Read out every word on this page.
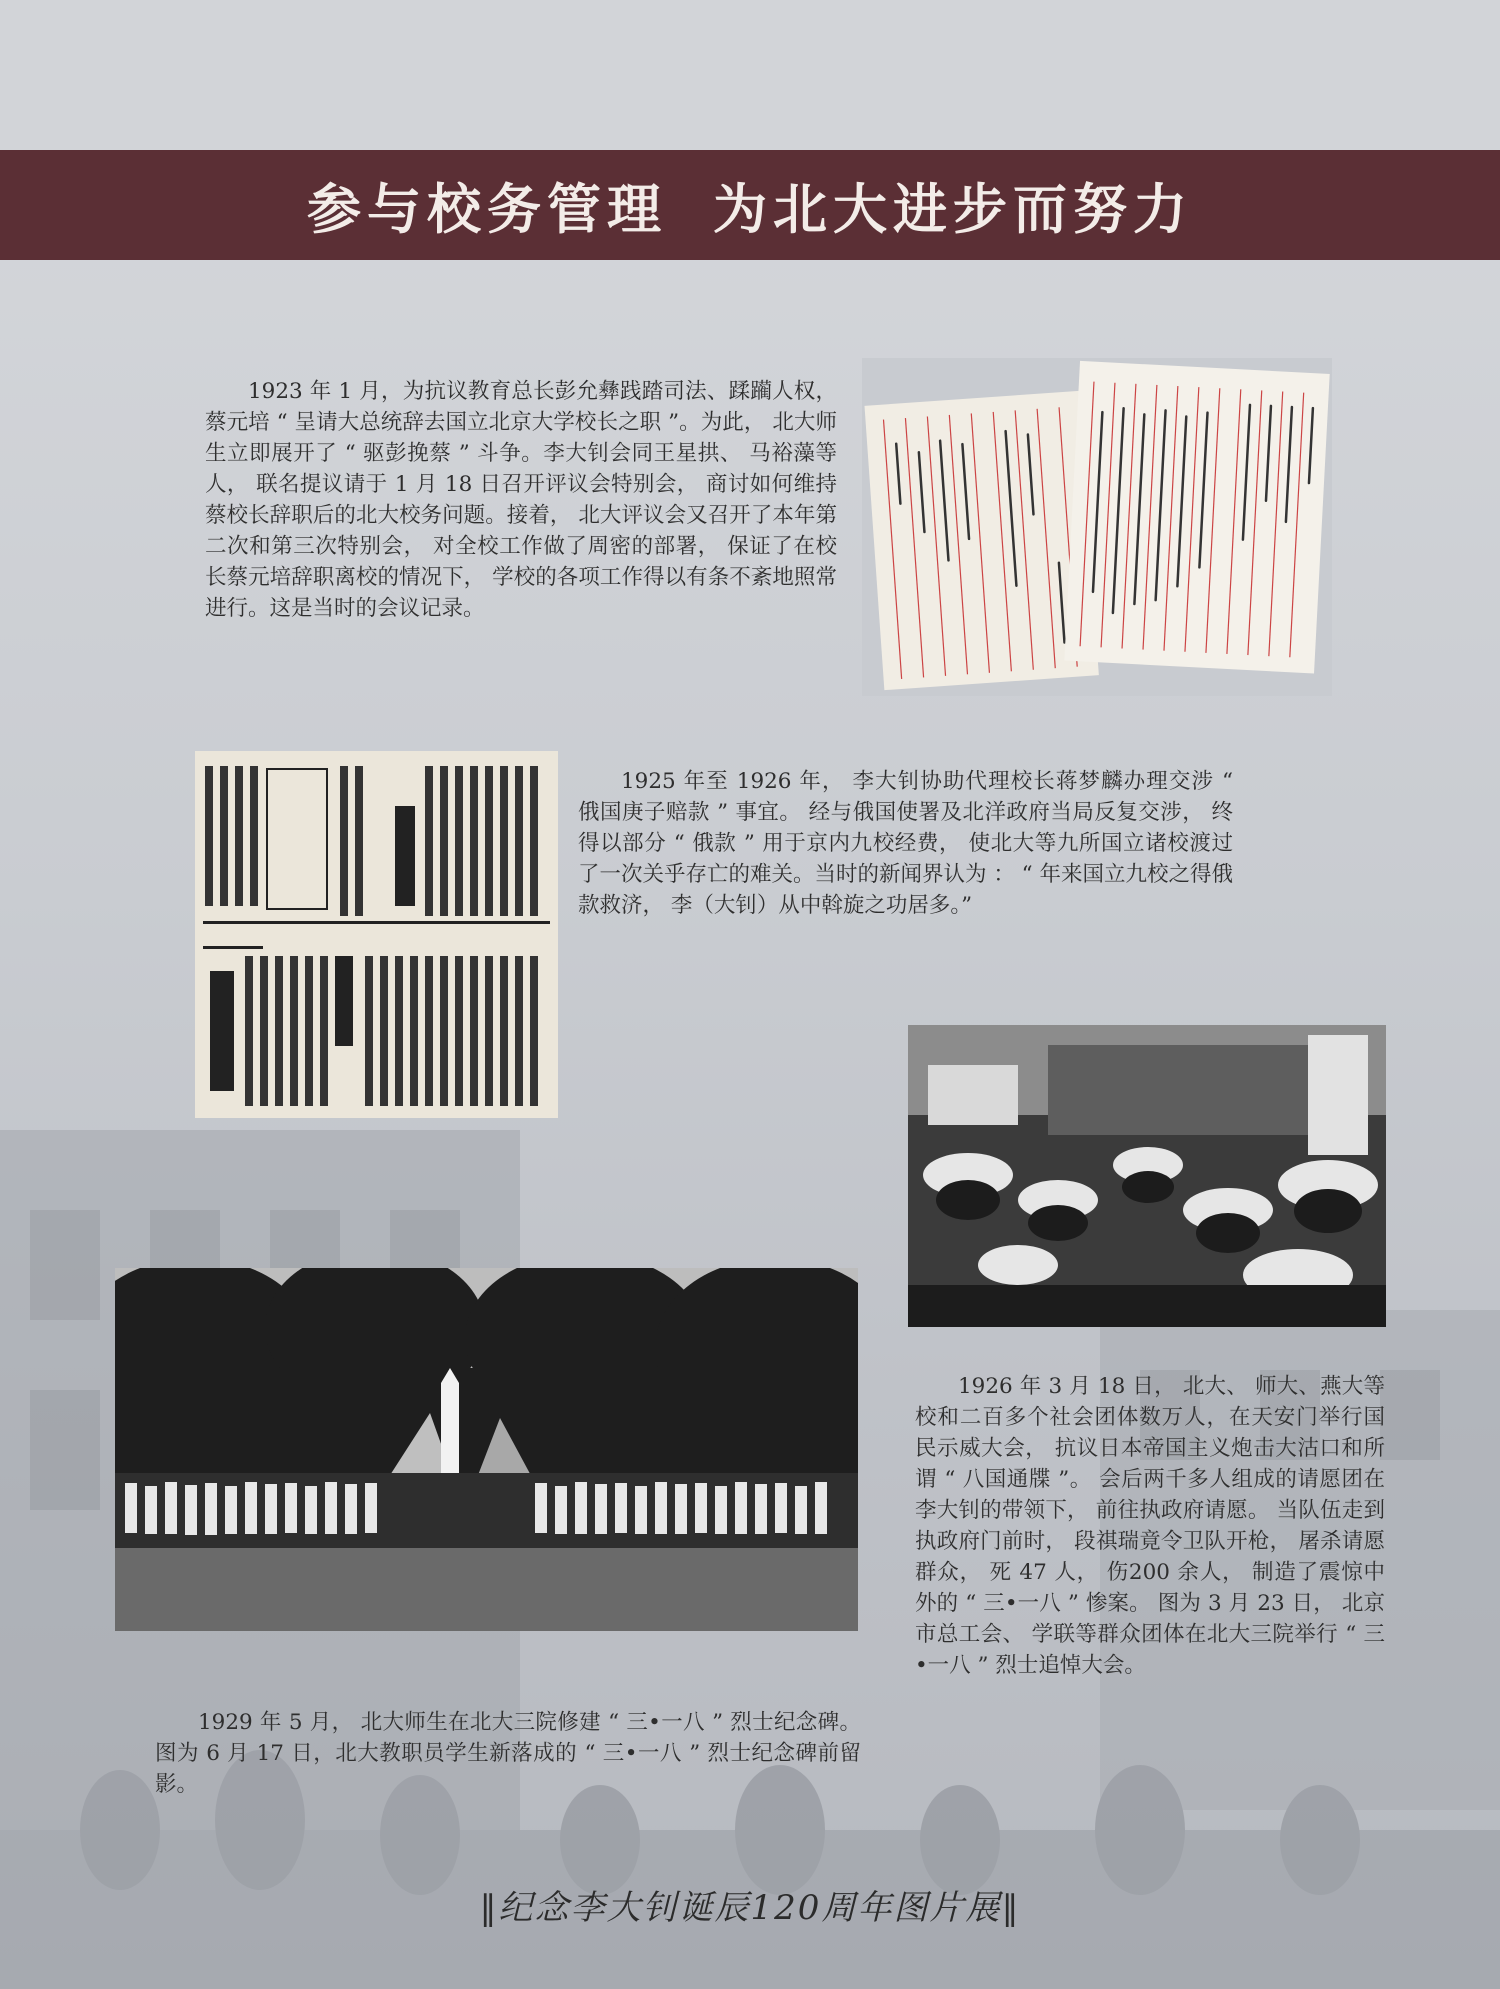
参与校务管理 为北大进步而努力

1923 年 1 月，为抗议教育总长彭允彝践踏司法、蹂躏人权， 蔡元培 “ 呈请大总统辞去国立北京大学校长之职 ”。为此， 北大师生立即展开了 “ 驱彭挽蔡 ” 斗争。李大钊会同王星拱、 马裕藻等人， 联名提议请于 1 月 18 日召开评议会特别会， 商讨如何维持蔡校长辞职后的北大校务问题。接着， 北大评议会又召开了本年第二次和第三次特别会， 对全校工作做了周密的部署， 保证了在校长蔡元培辞职离校的情况下， 学校的各项工作得以有条不紊地照常进行。这是当时的会议记录。

1925 年至 1926 年， 李大钊协助代理校长蒋梦麟办理交涉 “ 俄国庚子赔款 ” 事宜。 经与俄国使署及北洋政府当局反复交涉， 终得以部分 “ 俄款 ” 用于京内九校经费， 使北大等九所国立诸校渡过了一次关乎存亡的难关。当时的新闻界认为 ： “ 年来国立九校之得俄款救济， 李（大钊）从中斡旋之功居多。”

1926 年 3 月 18 日， 北大、 师大、燕大等校和二百多个社会团体数万人，在天安门举行国民示威大会， 抗议日本帝国主义炮击大沽口和所谓 “ 八国通牒 ”。 会后两千多人组成的请愿团在李大钊的带领下， 前往执政府请愿。 当队伍走到执政府门前时， 段祺瑞竟令卫队开枪， 屠杀请愿群众， 死 47 人， 伤200 余人， 制造了震惊中外的 “ 三•一八 ” 惨案。 图为 3 月 23 日， 北京市总工会、 学联等群众团体在北大三院举行 “ 三•一八 ” 烈士追悼大会。

1929 年 5 月， 北大师生在北大三院修建 “ 三•一八 ” 烈士纪念碑。图为 6 月 17 日，北大教职员学生新落成的 “ 三•一八 ” 烈士纪念碑前留影。

‖纪念李大钊诞辰120周年图片展‖
